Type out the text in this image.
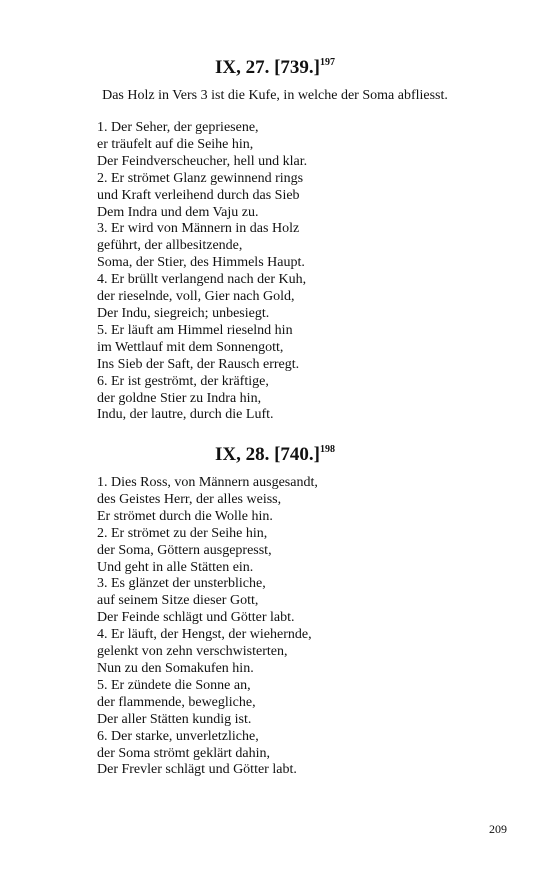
IX, 27. $[739.]^{197}$
Das Holz in Vers 3 ist die Kufe, in welche der Soma abfliesst.
1. Der Seher, der gepriesene,
er träufelt auf die Seihe hin,
Der Feindverscheucher, hell und klar.
2. Er strömet Glanz gewinnend rings
und Kraft verleihend durch das Sieb
Dem Indra und dem Vaju zu.
3. Er wird von Männern in das Holz
geführt, der allbesitzende,
Soma, der Stier, des Himmels Haupt.
4. Er brüllt verlangend nach der Kuh,
der rieselnde, voll, Gier nach Gold,
Der Indu, siegreich; unbesiegt.
5. Er läuft am Himmel rieselnd hin
im Wettlauf mit dem Sonnengott,
Ins Sieb der Saft, der Rausch erregt.
6. Er ist geströmt, der kräftige,
der goldne Stier zu Indra hin,
Indu, der lautre, durch die Luft.
IX, 28. $[740.]^{198}$
1. Dies Ross, von Männern ausgesandt,
des Geistes Herr, der alles weiss,
Er strömet durch die Wolle hin.
2. Er strömet zu der Seihe hin,
der Soma, Göttern ausgepresst,
Und geht in alle Stätten ein.
3. Es glänzet der unsterbliche,
auf seinem Sitze dieser Gott,
Der Feinde schlägt und Götter labt.
4. Er läuft, der Hengst, der wiehernde,
gelenkt von zehn verschwisterten,
Nun zu den Somakufen hin.
5. Er zündete die Sonne an,
der flammende, bewegliche,
Der aller Stätten kundig ist.
6. Der starke, unverletzliche,
der Soma strömt geklärt dahin,
Der Frevler schlägt und Götter labt.
209
